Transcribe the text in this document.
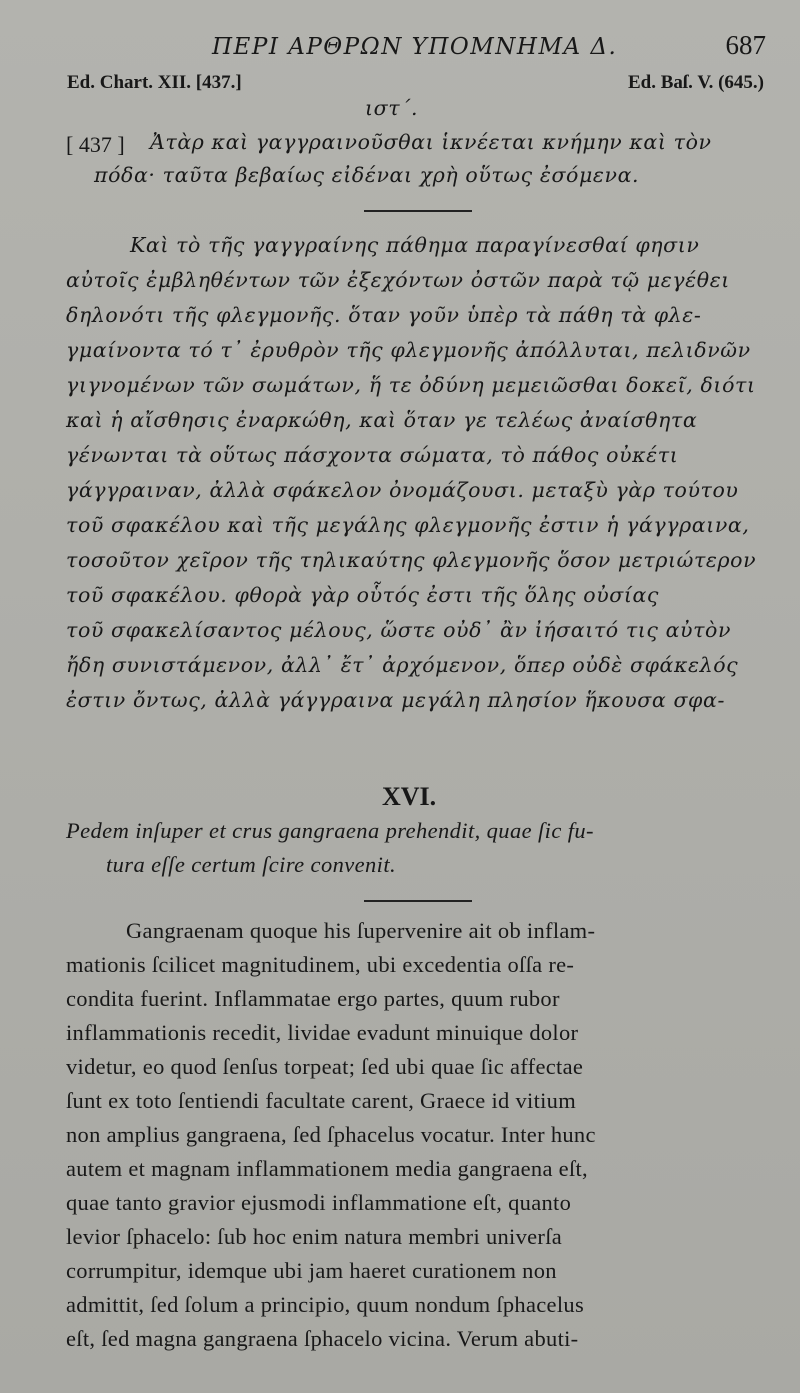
ΠΕΡΙ ΑΡΘΡΩΝ ΥΠΟΜΝΗΜΑ Δ.	687
Ed. Chart. XII. [437.]	Ed. Baſ. V. (645.)
ιστ΄.
[ 437 ] Ἀτὰρ καὶ γαγγραινοῦσθαι ἱκνέεται κνήμην καὶ τὸν
πόδα· ταῦτα βεβαίως εἰδέναι χρὴ οὕτως ἐσόμενα.
Καὶ τὸ τῆς γαγγραίνης πάθημα παραγίνεσθαί φησιν
αὐτοῖς ἐμβληθέντων τῶν ἐξεχόντων ὀστῶν παρὰ τῷ μεγέθει
δηλονότι τῆς φλεγμονῆς. ὅταν γοῦν ὑπὲρ τὰ πάθη τὰ φλε-
γμαίνοντα τό τ᾽ ἐρυθρὸν τῆς φλεγμονῆς ἀπόλλυται, πελιδνῶν
γιγνομένων τῶν σωμάτων, ἥ τε ὀδύνη μεμειῶσθαι δοκεῖ, διότι
καὶ ἡ αἴσθησις ἐναρκώθη, καὶ ὅταν γε τελέως ἀναίσθητα
γένωνται τὰ οὕτως πάσχοντα σώματα, τὸ πάθος οὐκέτι
γάγγραιναν, ἀλλὰ σφάκελον ὀνομάζουσι. μεταξὺ γὰρ τούτου
τοῦ σφακέλου καὶ τῆς μεγάλης φλεγμονῆς ἐστιν ἡ γάγγραινα,
τοσοῦτον χεῖρον τῆς τηλικαύτης φλεγμονῆς ὅσον μετριώτερον
τοῦ σφακέλου. φθορὰ γὰρ οὗτός ἐστι τῆς ὅλης οὐσίας
τοῦ σφακελίσαντος μέλους, ὥστε οὐδ᾽ ἂν ἰήσαιτό τις αὐτὸν
ἤδη συνιστάμενον, ἀλλ᾽ ἔτ᾽ ἀρχόμενον, ὅπερ οὐδὲ σφάκελός
ἐστιν ὄντως, ἀλλὰ γάγγραινα μεγάλη πλησίον ἥκουσα σφα-
XVI.
Pedem inſuper et crus gangraena prehendit, quae ſic fu-
tura eſſe certum ſcire convenit.
Gangraenam quoque his ſupervenire ait ob inflam-
mationis ſcilicet magnitudinem, ubi excedentia oſſa re-
condita fuerint. Inflammatae ergo partes, quum rubor
inflammationis recedit, lividae evadunt minuique dolor
videtur, eo quod ſenſus torpeat; ſed ubi quae ſic affectae
ſunt ex toto ſentiendi facultate carent, Graece id vitium
non amplius gangraena, ſed ſphacelus vocatur. Inter hunc
autem et magnam inflammationem media gangraena eſt,
quae tanto gravior ejusmodi inflammatione eſt, quanto
levior ſphacelo: ſub hoc enim natura membri univerſa
corrumpitur, idemque ubi jam haeret curationem non
admittit, ſed ſolum a principio, quum nondum ſphacelus
eſt, ſed magna gangraena ſphacelo vicina. Verum abuti-
